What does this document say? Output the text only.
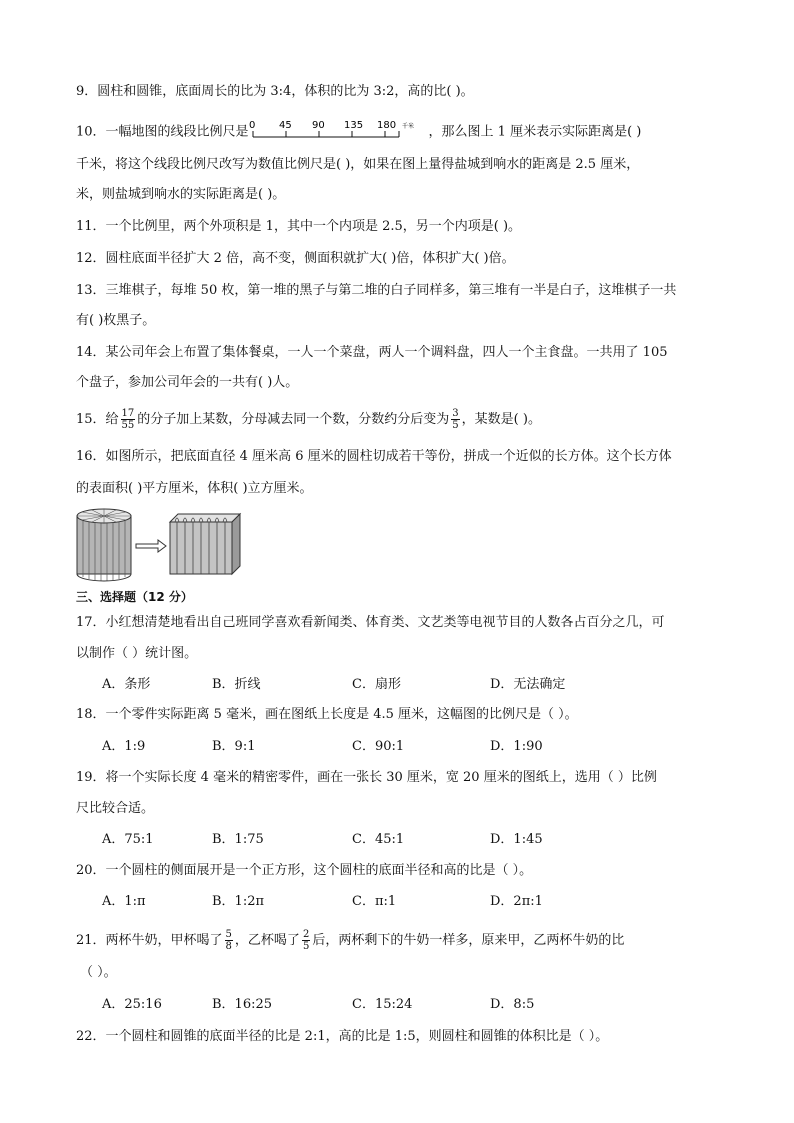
9．圆柱和圆锥，底面周长的比为 3:4，体积的比为 3:2，高的比( )。
10．一幅地图的线段比例尺是 0 45 90 135 180 千米 ，那么图上 1 厘米表示实际距离是( )
千米，将这个线段比例尺改写为数值比例尺是( )，如果在图上量得盐城到响水的距离是 2.5 厘米，
米，则盐城到响水的实际距离是( )。
11．一个比例里，两个外项积是 1，其中一个内项是 2.5，另一个内项是( )。
12．圆柱底面半径扩大 2 倍，高不变，侧面积就扩大( )倍，体积扩大( )倍。
13．三堆棋子，每堆 50 枚，第一堆的黑子与第二堆的白子同样多，第三堆有一半是白子，这堆棋子一共
有( )枚黑子。
14．某公司年会上布置了集体餐桌，一人一个菜盘，两人一个调料盘，四人一个主食盘。一共用了 105
个盘子，参加公司年会的一共有( )人。
15．给 $\frac{17}{55}$ 的分子加上某数，分母减去同一个数，分数约分后变为 $\frac{3}{5}$ ，某数是( )。
16．如图所示，把底面直径 4 厘米高 6 厘米的圆柱切成若干等份，拼成一个近似的长方体。这个长方体
的表面积( )平方厘米，体积( )立方厘米。
三、选择题（12 分）
17．小红想清楚地看出自己班同学喜欢看新闻类、体育类、文艺类等电视节目的人数各占百分之几，可
以制作（ ）统计图。
A．条形	B．折线	C．扇形	D．无法确定
18．一个零件实际距离 5 毫米，画在图纸上长度是 4.5 厘米，这幅图的比例尺是（ ）。
A．1:9	B．9:1	C．90:1	D．1:90
19．将一个实际长度 4 毫米的精密零件，画在一张长 30 厘米，宽 20 厘米的图纸上，选用（ ）比例
尺比较合适。
A．75:1	B．1:75	C．45:1	D．1:45
20．一个圆柱的侧面展开是一个正方形，这个圆柱的底面半径和高的比是（ ）。
A．1:π	B．1:2π	C．π:1	D．2π:1
21．两杯牛奶，甲杯喝了 $\frac{5}{8}$ ，乙杯喝了 $\frac{2}{5}$ 后，两杯剩下的牛奶一样多，原来甲，乙两杯牛奶的比
（ ）。
A．25:16	B．16:25	C．15:24	D．8:5
22．一个圆柱和圆锥的底面半径的比是 2:1，高的比是 1:5，则圆柱和圆锥的体积比是（ ）。
